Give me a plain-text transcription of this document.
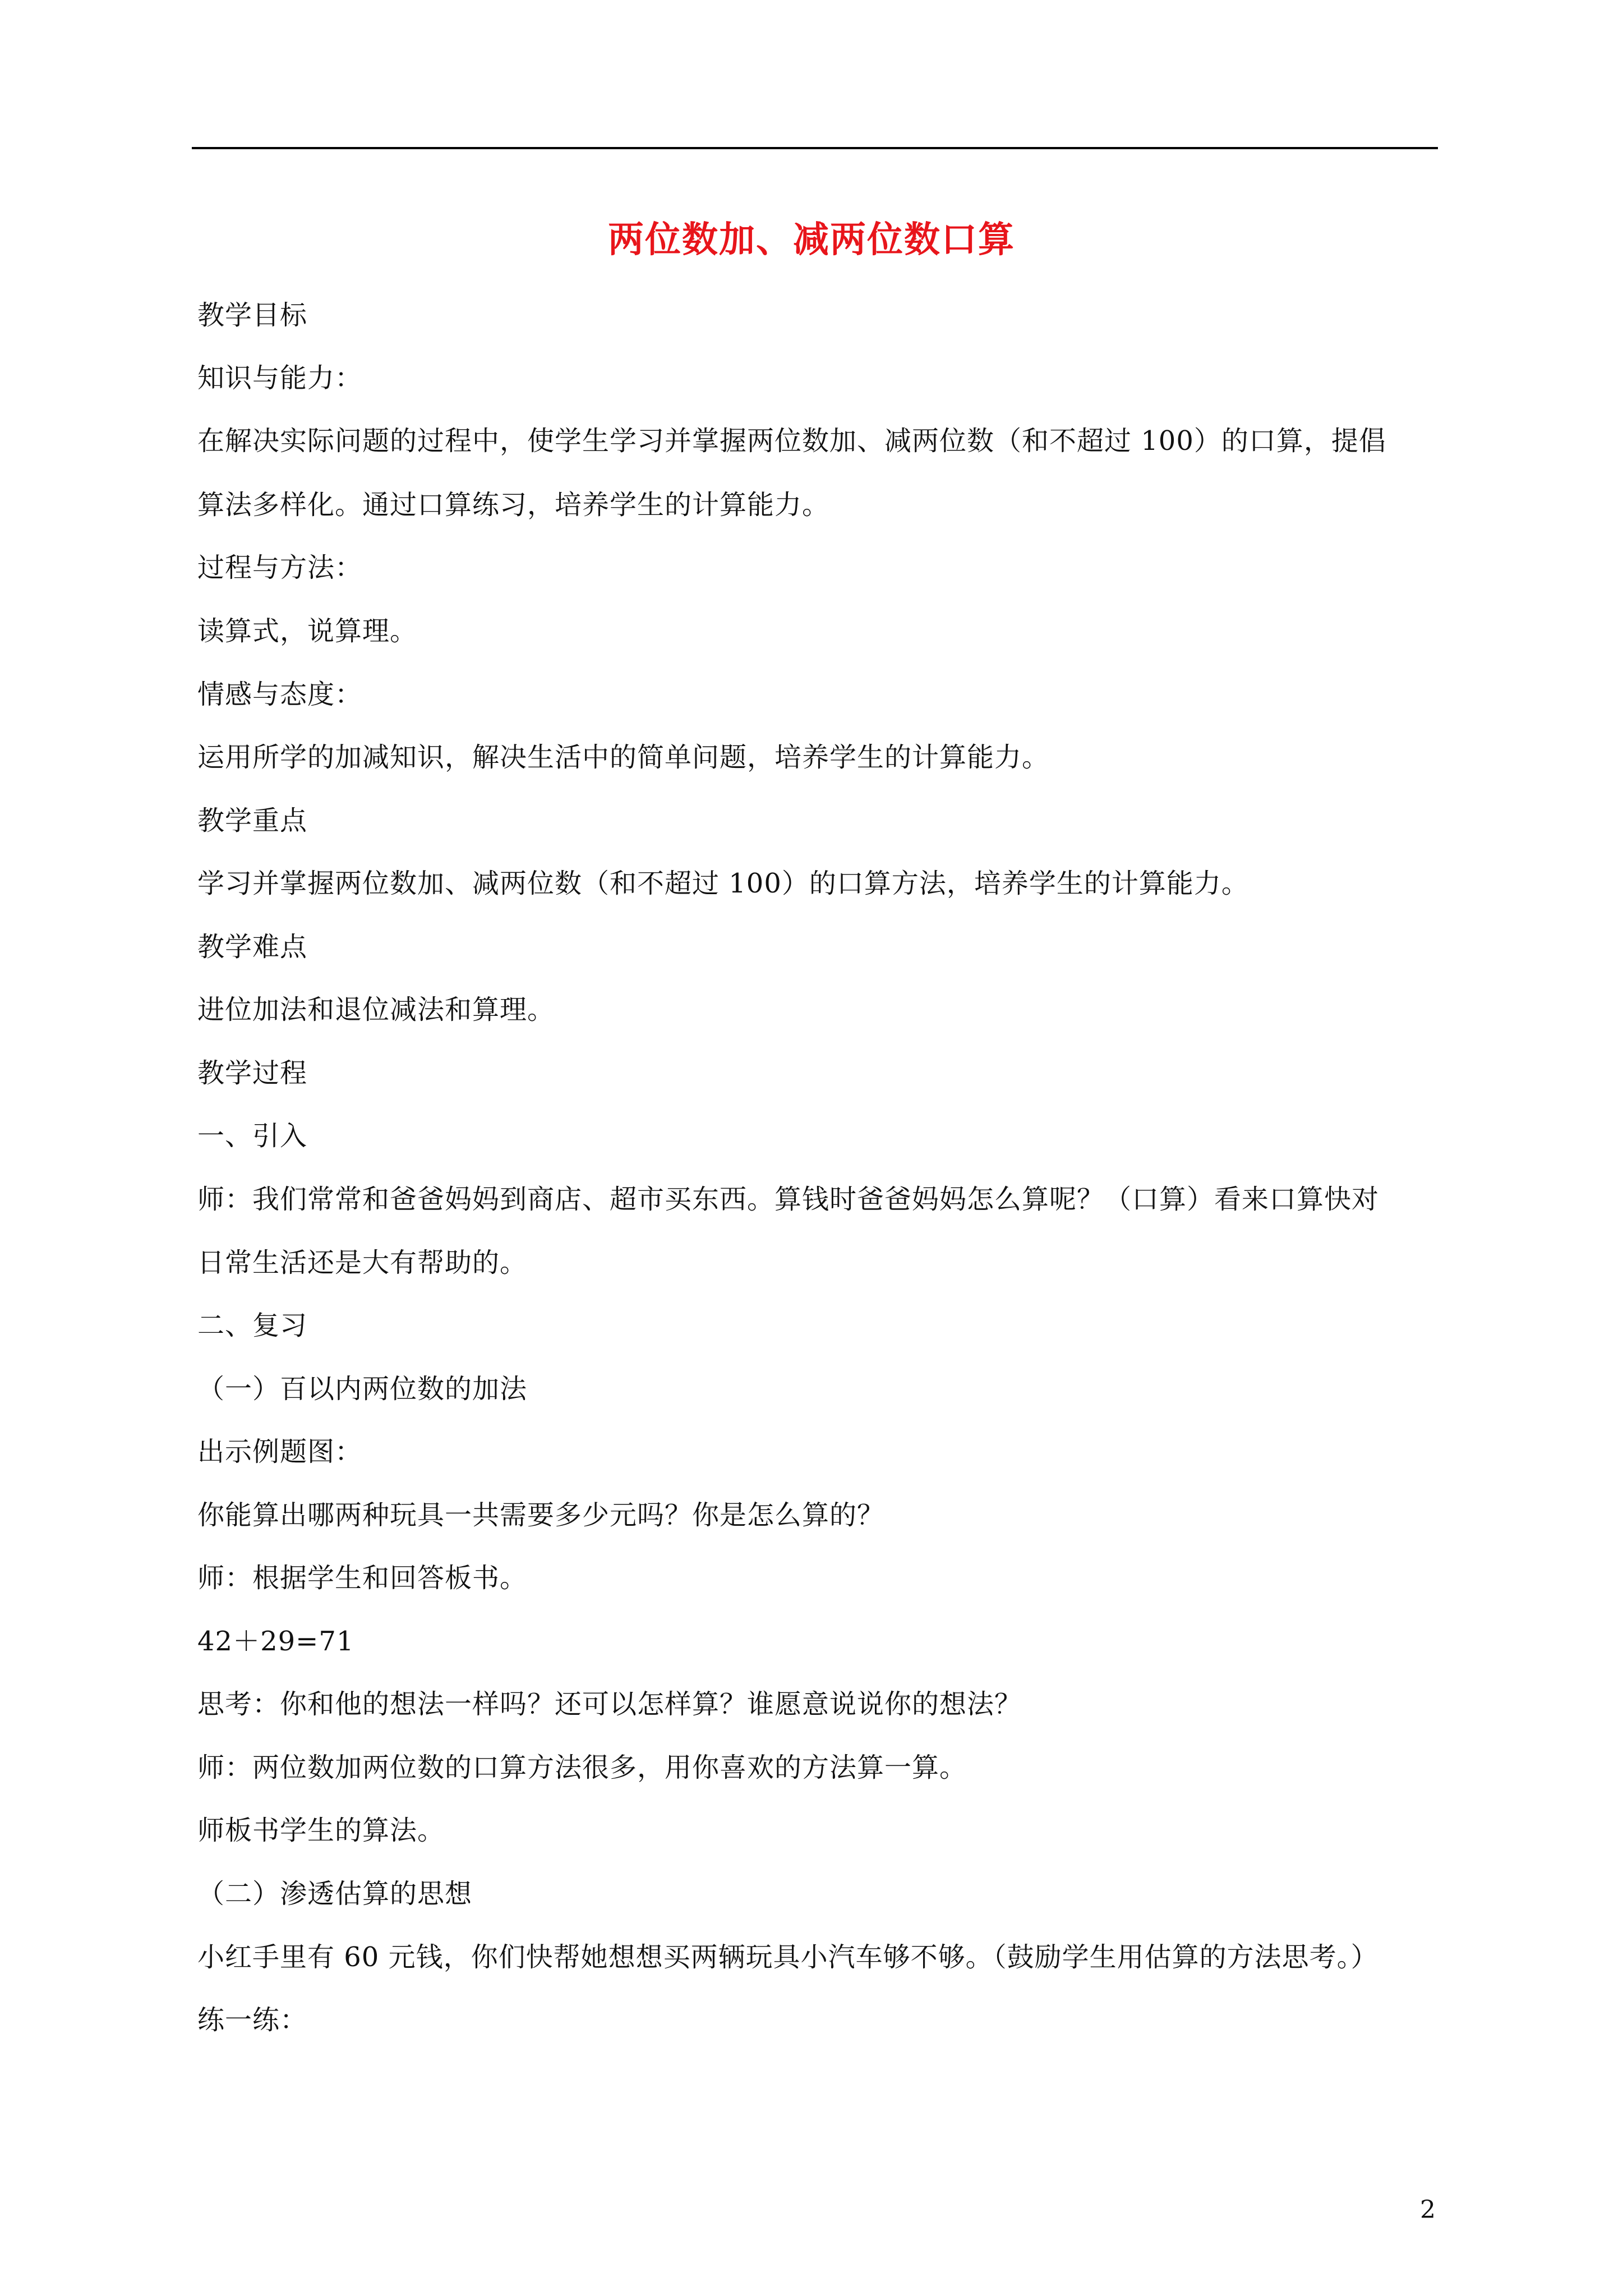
两位数加、减两位数口算
教学目标
知识与能力：
在解决实际问题的过程中，使学生学习并掌握两位数加、减两位数（和不超过 100）的口算，提倡
算法多样化。通过口算练习，培养学生的计算能力。
过程与方法：
读算式，说算理。
情感与态度：
运用所学的加减知识，解决生活中的简单问题，培养学生的计算能力。
教学重点
学习并掌握两位数加、减两位数（和不超过 100）的口算方法，培养学生的计算能力。
教学难点
进位加法和退位减法和算理。
教学过程
一、引入
师：我们常常和爸爸妈妈到商店、超市买东西。算钱时爸爸妈妈怎么算呢？（口算）看来口算快对
日常生活还是大有帮助的。
二、复习
（一）百以内两位数的加法
出示例题图：
你能算出哪两种玩具一共需要多少元吗？你是怎么算的？
师：根据学生和回答板书。
42＋29=71
思考：你和他的想法一样吗？还可以怎样算？谁愿意说说你的想法？
师：两位数加两位数的口算方法很多，用你喜欢的方法算一算。
师板书学生的算法。
（二）渗透估算的思想
小红手里有 60 元钱，你们快帮她想想买两辆玩具小汽车够不够。（鼓励学生用估算的方法思考。）
练一练：
2
